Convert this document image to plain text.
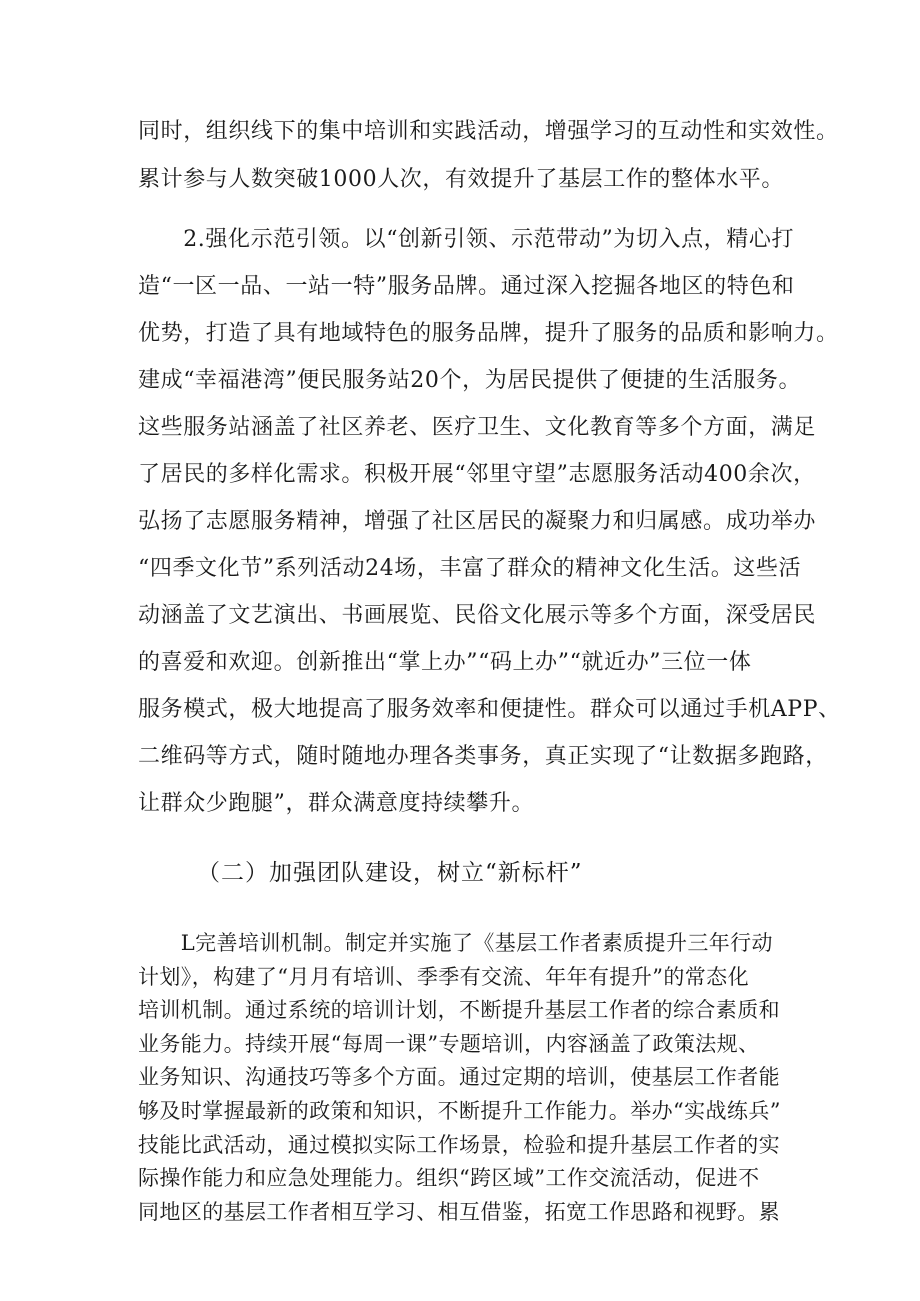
同时，组织线下的集中培训和实践活动，增强学习的互动性和实效性。
累计参与人数突破1000人次，有效提升了基层工作的整体水平。
　　2.强化示范引领。以“创新引领、示范带动”为切入点，精心打
造“一区一品、一站一特”服务品牌。通过深入挖掘各地区的特色和
优势，打造了具有地域特色的服务品牌，提升了服务的品质和影响力。
建成“幸福港湾”便民服务站20个，为居民提供了便捷的生活服务。
这些服务站涵盖了社区养老、医疗卫生、文化教育等多个方面，满足
了居民的多样化需求。积极开展“邻里守望”志愿服务活动400余次，
弘扬了志愿服务精神，增强了社区居民的凝聚力和归属感。成功举办
“四季文化节”系列活动24场，丰富了群众的精神文化生活。这些活
动涵盖了文艺演出、书画展览、民俗文化展示等多个方面，深受居民
的喜爱和欢迎。创新推出“掌上办”“码上办”“就近办”三位一体
服务模式，极大地提高了服务效率和便捷性。群众可以通过手机APP、
二维码等方式，随时随地办理各类事务，真正实现了“让数据多跑路，
让群众少跑腿”，群众满意度持续攀升。
（二）加强团队建设，树立“新标杆”
　　L完善培训机制。制定并实施了《基层工作者素质提升三年行动
计划》，构建了“月月有培训、季季有交流、年年有提升”的常态化
培训机制。通过系统的培训计划，不断提升基层工作者的综合素质和
业务能力。持续开展“每周一课”专题培训，内容涵盖了政策法规、
业务知识、沟通技巧等多个方面。通过定期的培训，使基层工作者能
够及时掌握最新的政策和知识，不断提升工作能力。举办“实战练兵”
技能比武活动，通过模拟实际工作场景，检验和提升基层工作者的实
际操作能力和应急处理能力。组织“跨区域”工作交流活动，促进不
同地区的基层工作者相互学习、相互借鉴，拓宽工作思路和视野。累
